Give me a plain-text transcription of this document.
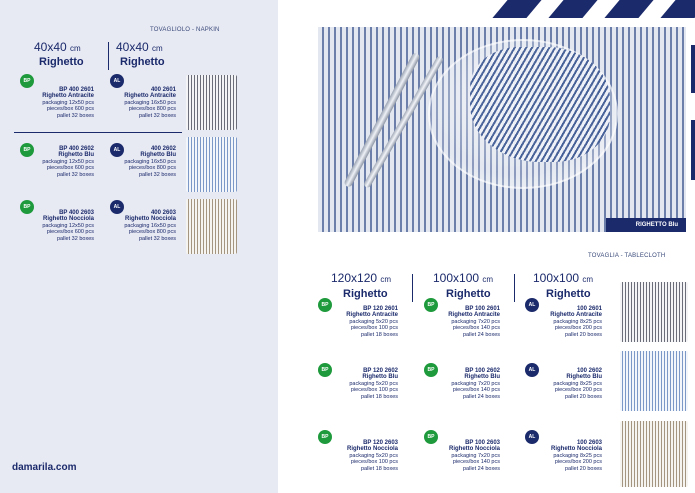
TOVAGLIOLO - NAPKIN
40x40 cm
Righetto
40x40 cm
Righetto
BP
BP 400 2601
Righetto Antracite
packaging 12x50 pcs
pieces/box 600 pcs
pallet 32 boxes
AL
400 2601
Righetto Antracite
packaging 16x50 pcs
pieces/box 800 pcs
pallet 32 boxes
BP	BP 400 2602
Righetto Blu
packaging 12x50 pcs
pieces/box 600 pcs
pallet 32 boxes
AL	400 2602
Righetto Blu
packaging 16x50 pcs
pieces/box 800 pcs
pallet 32 boxes
BP
BP 400 2603
Righetto Nocciola
packaging 12x50 pcs
pieces/box 600 pcs
pallet 32 boxes
AL
400 2603
Righetto Nocciola
packaging 16x50 pcs
pieces/box 800 pcs
pallet 32 boxes
damarila.com
RIGHETTO Blu
TOVAGLIA - TABLECLOTH
120x120 cm
Righetto
100x100 cm
Righetto
100x100 cm
Righetto
BP
BP 120 2601
Righetto Antracite
packaging 5x20 pcs
pieces/box 100 pcs
pallet 18 boxes
BP
BP 100 2601
Righetto Antracite
packaging 7x20 pcs
pieces/box 140 pcs
pallet 24 boxes
AL
100 2601
Righetto Antracite
packaging 8x25 pcs
pieces/box 200 pcs
pallet 20 boxes
BP	BP 120 2602
Righetto Blu
packaging 5x20 pcs
pieces/box 100 pcs
pallet 18 boxes
BP	BP 100 2602
Righetto Blu
packaging 7x20 pcs
pieces/box 140 pcs
pallet 24 boxes
AL	100 2602
Righetto Blu
packaging 8x25 pcs
pieces/box 200 pcs
pallet 20 boxes
BP
BP 120 2603
Righetto Nocciola
packaging 5x20 pcs
pieces/box 100 pcs
pallet 18 boxes
BP
BP 100 2603
Righetto Nocciola
packaging 7x20 pcs
pieces/box 140 pcs
pallet 24 boxes
AL
100 2603
Righetto Nocciola
packaging 8x25 pcs
pieces/box 200 pcs
pallet 20 boxes
